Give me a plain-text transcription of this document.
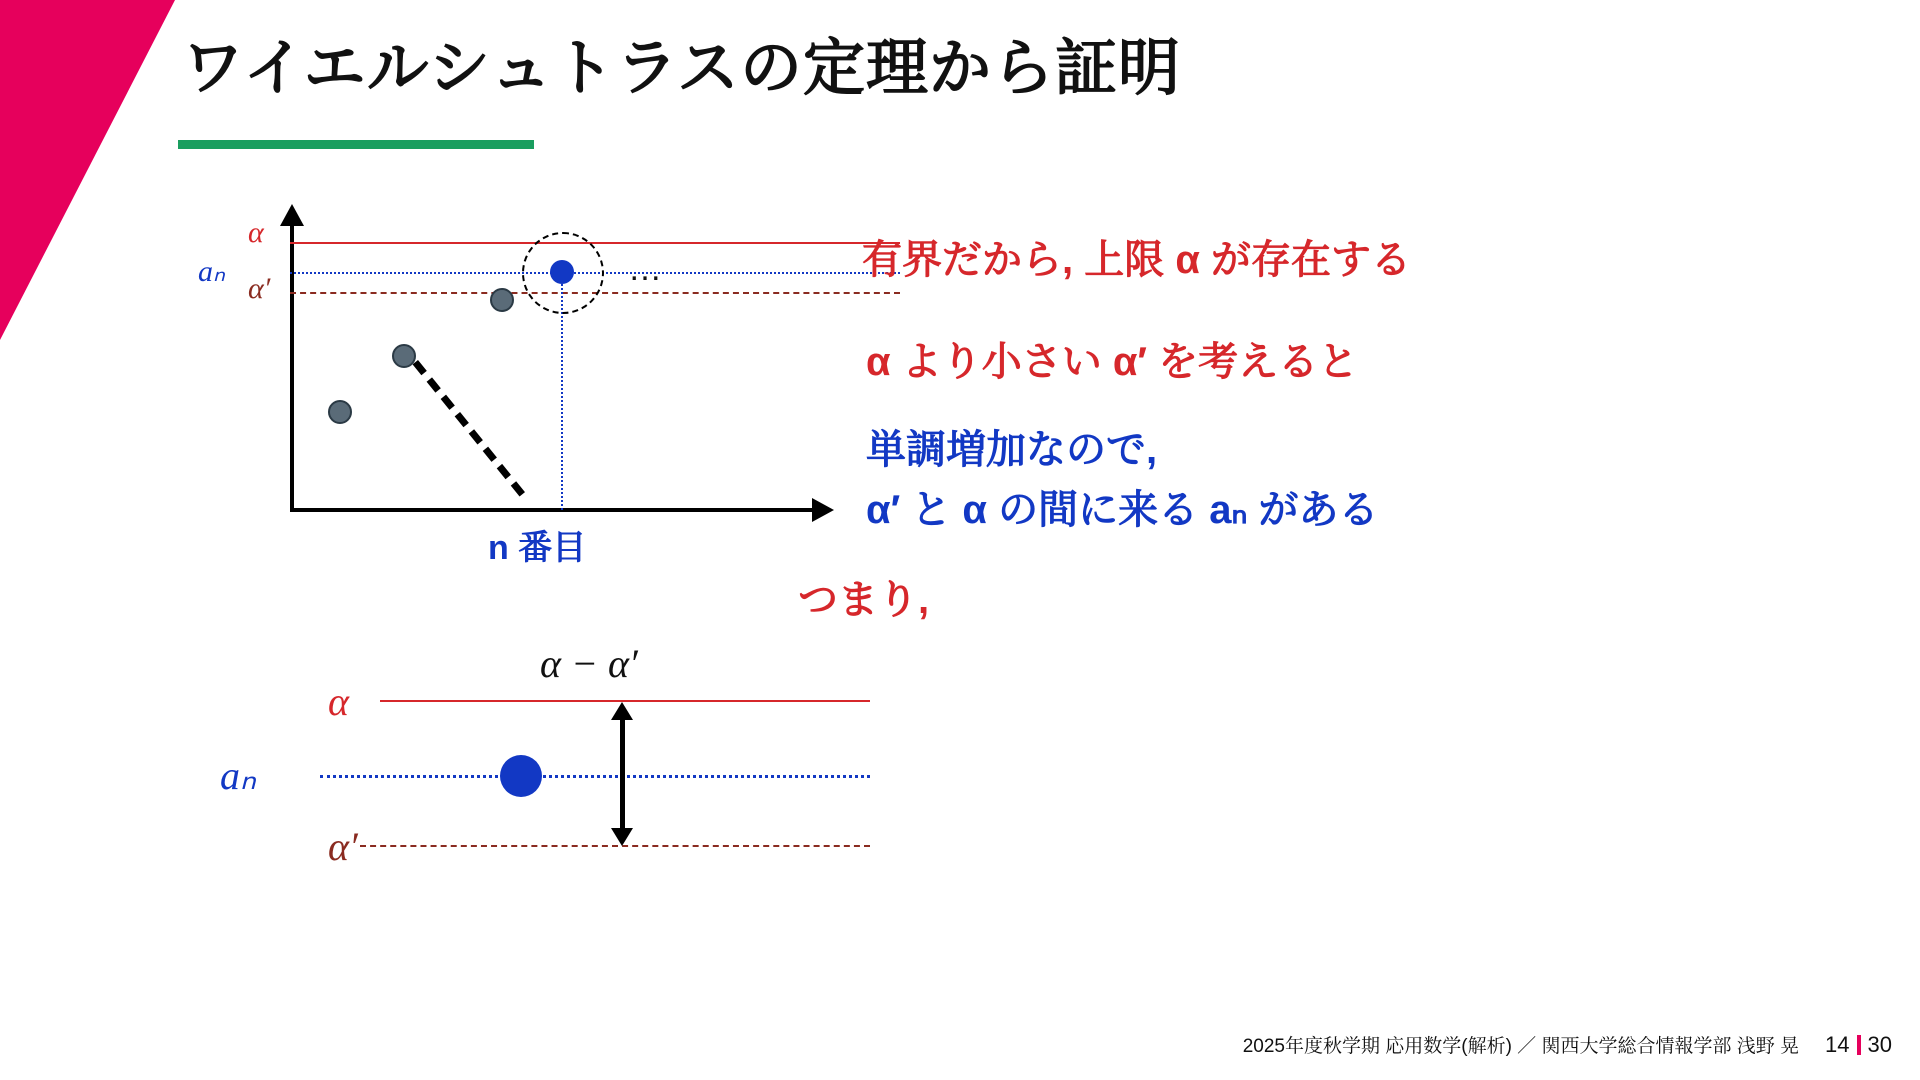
ワイエルシュトラスの定理から証明
α
aₙ
α′
…
n 番目
有界だから, 上限 α が存在する
α より小さい α′ を考えると
単調増加なので,
α′ と α の間に来る aₙ がある
つまり,
α
aₙ
α′
α − α′
2025年度秋学期 応用数学(解析) ／ 関西大学総合情報学部 浅野 晃 14 30
